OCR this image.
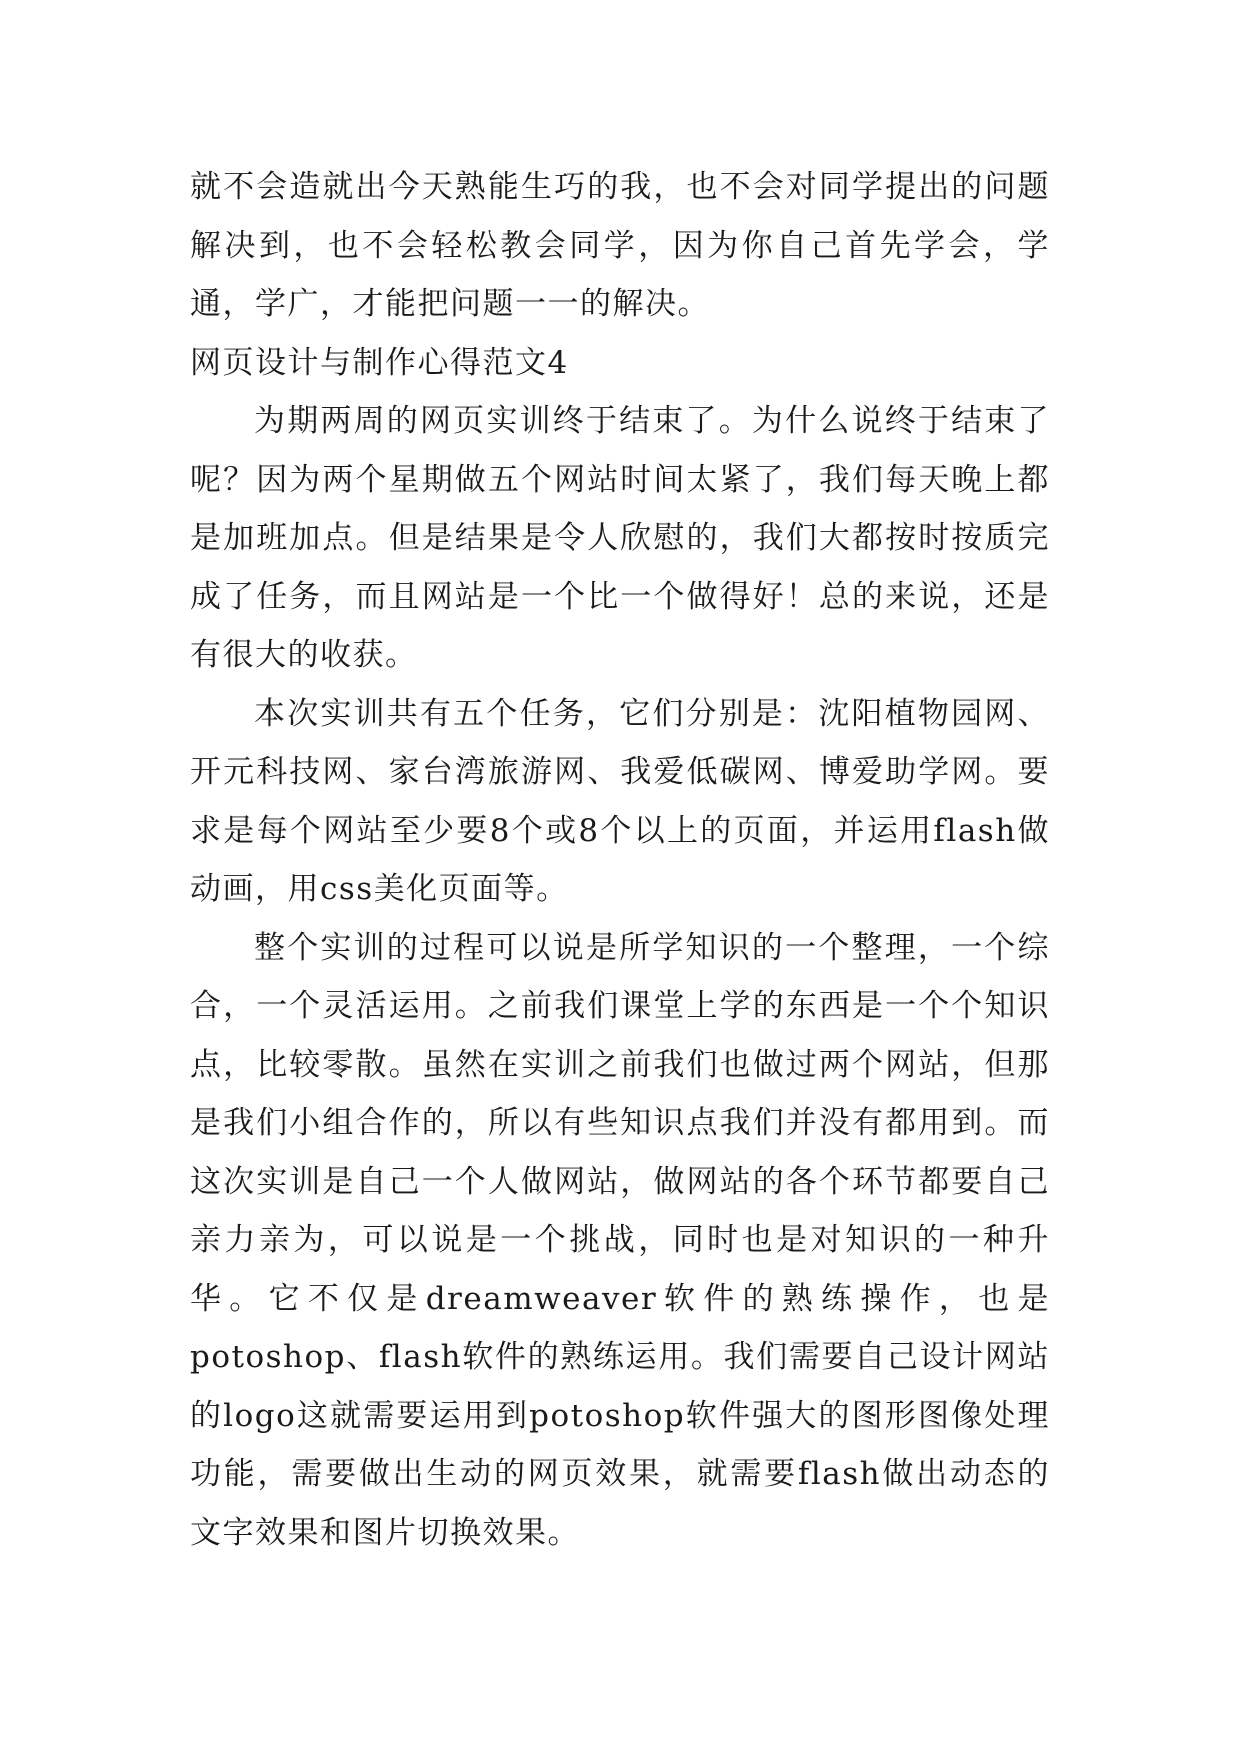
就不会造就出今天熟能生巧的我，也不会对同学提出的问题解决到，也不会轻松教会同学，因为你自己首先学会，学通，学广，才能把问题一一的解决。

网页设计与制作心得范文4

为期两周的网页实训终于结束了。为什么说终于结束了呢？因为两个星期做五个网站时间太紧了，我们每天晚上都是加班加点。但是结果是令人欣慰的，我们大都按时按质完成了任务，而且网站是一个比一个做得好！总的来说，还是有很大的收获。

本次实训共有五个任务，它们分别是：沈阳植物园网、开元科技网、家台湾旅游网、我爱低碳网、博爱助学网。要求是每个网站至少要8个或8个以上的页面，并运用flash做动画，用css美化页面等。

整个实训的过程可以说是所学知识的一个整理，一个综合，一个灵活运用。之前我们课堂上学的东西是一个个知识点，比较零散。虽然在实训之前我们也做过两个网站，但那是我们小组合作的，所以有些知识点我们并没有都用到。而这次实训是自己一个人做网站，做网站的各个环节都要自己亲力亲为，可以说是一个挑战，同时也是对知识的一种升华。它不仅是dreamweaver软件的熟练操作，也是potoshop、flash软件的熟练运用。我们需要自己设计网站的logo这就需要运用到potoshop软件强大的图形图像处理功能，需要做出生动的网页效果，就需要flash做出动态的文字效果和图片切换效果。
